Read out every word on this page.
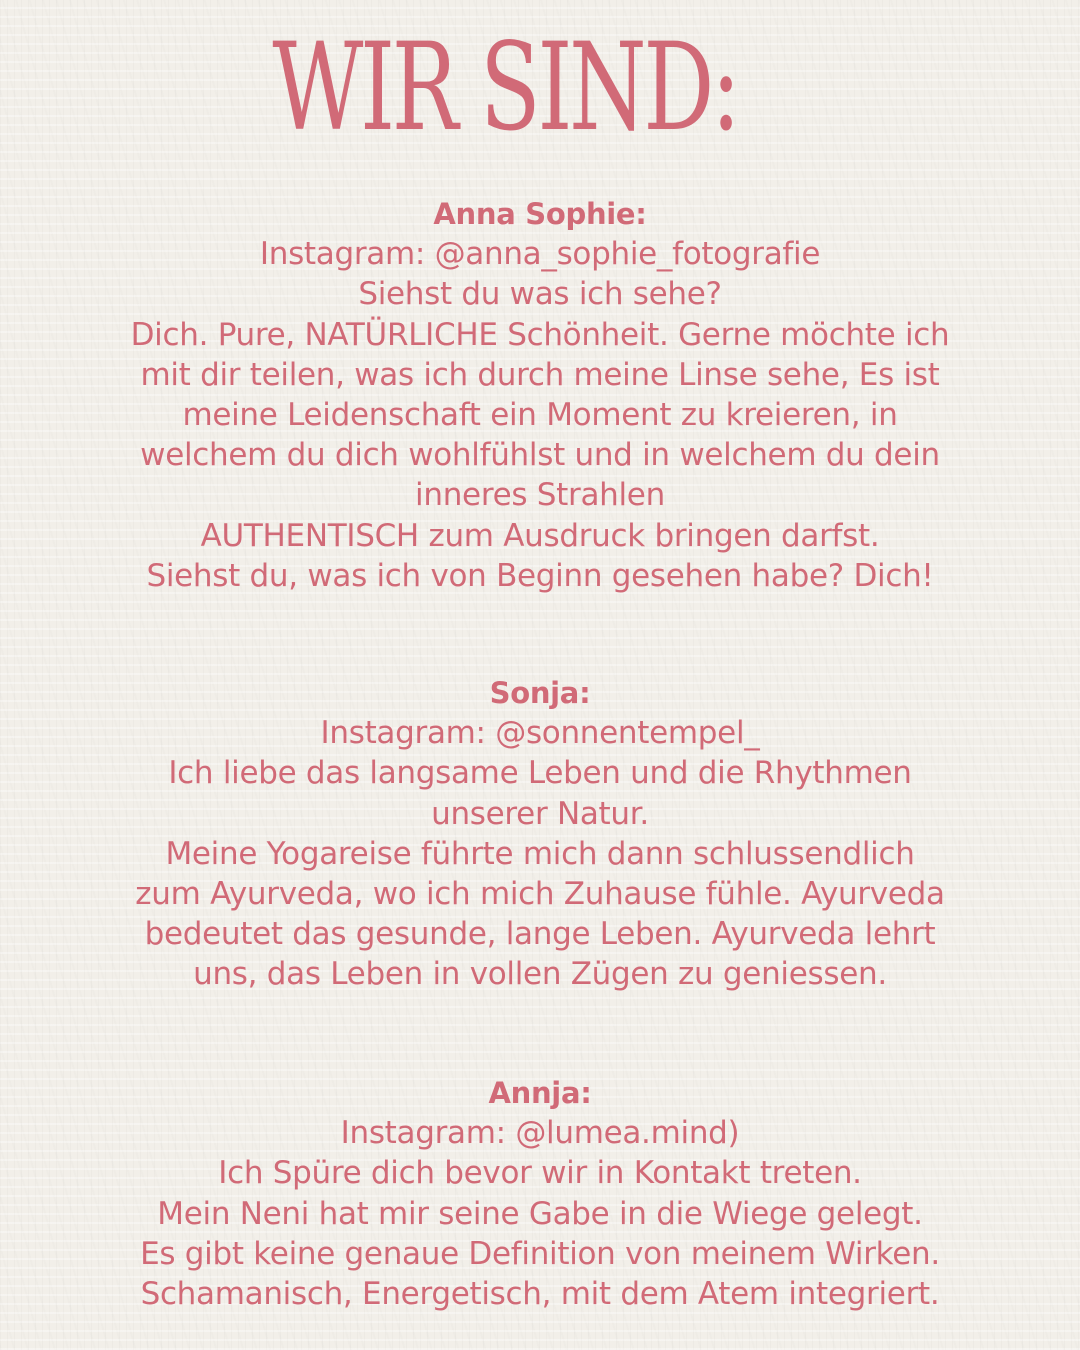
WIR SIND:
Anna Sophie:
Instagram: @anna_sophie_fotografie
Siehst du was ich sehe?
Dich. Pure, NATÜRLICHE Schönheit. Gerne möchte ich
mit dir teilen, was ich durch meine Linse sehe, Es ist
meine Leidenschaft ein Moment zu kreieren, in
welchem du dich wohlfühlst und in welchem du dein
inneres Strahlen
AUTHENTISCH zum Ausdruck bringen darfst.
Siehst du, was ich von Beginn gesehen habe? Dich!
Sonja:
Instagram: @sonnentempel_
Ich liebe das langsame Leben und die Rhythmen
unserer Natur.
Meine Yogareise führte mich dann schlussendlich
zum Ayurveda, wo ich mich Zuhause fühle. Ayurveda
bedeutet das gesunde, lange Leben. Ayurveda lehrt
uns, das Leben in vollen Zügen zu geniessen.
Annja:
Instagram: @lumea.mind)
Ich Spüre dich bevor wir in Kontakt treten.
Mein Neni hat mir seine Gabe in die Wiege gelegt.
Es gibt keine genaue Definition von meinem Wirken.
Schamanisch, Energetisch, mit dem Atem integriert.
